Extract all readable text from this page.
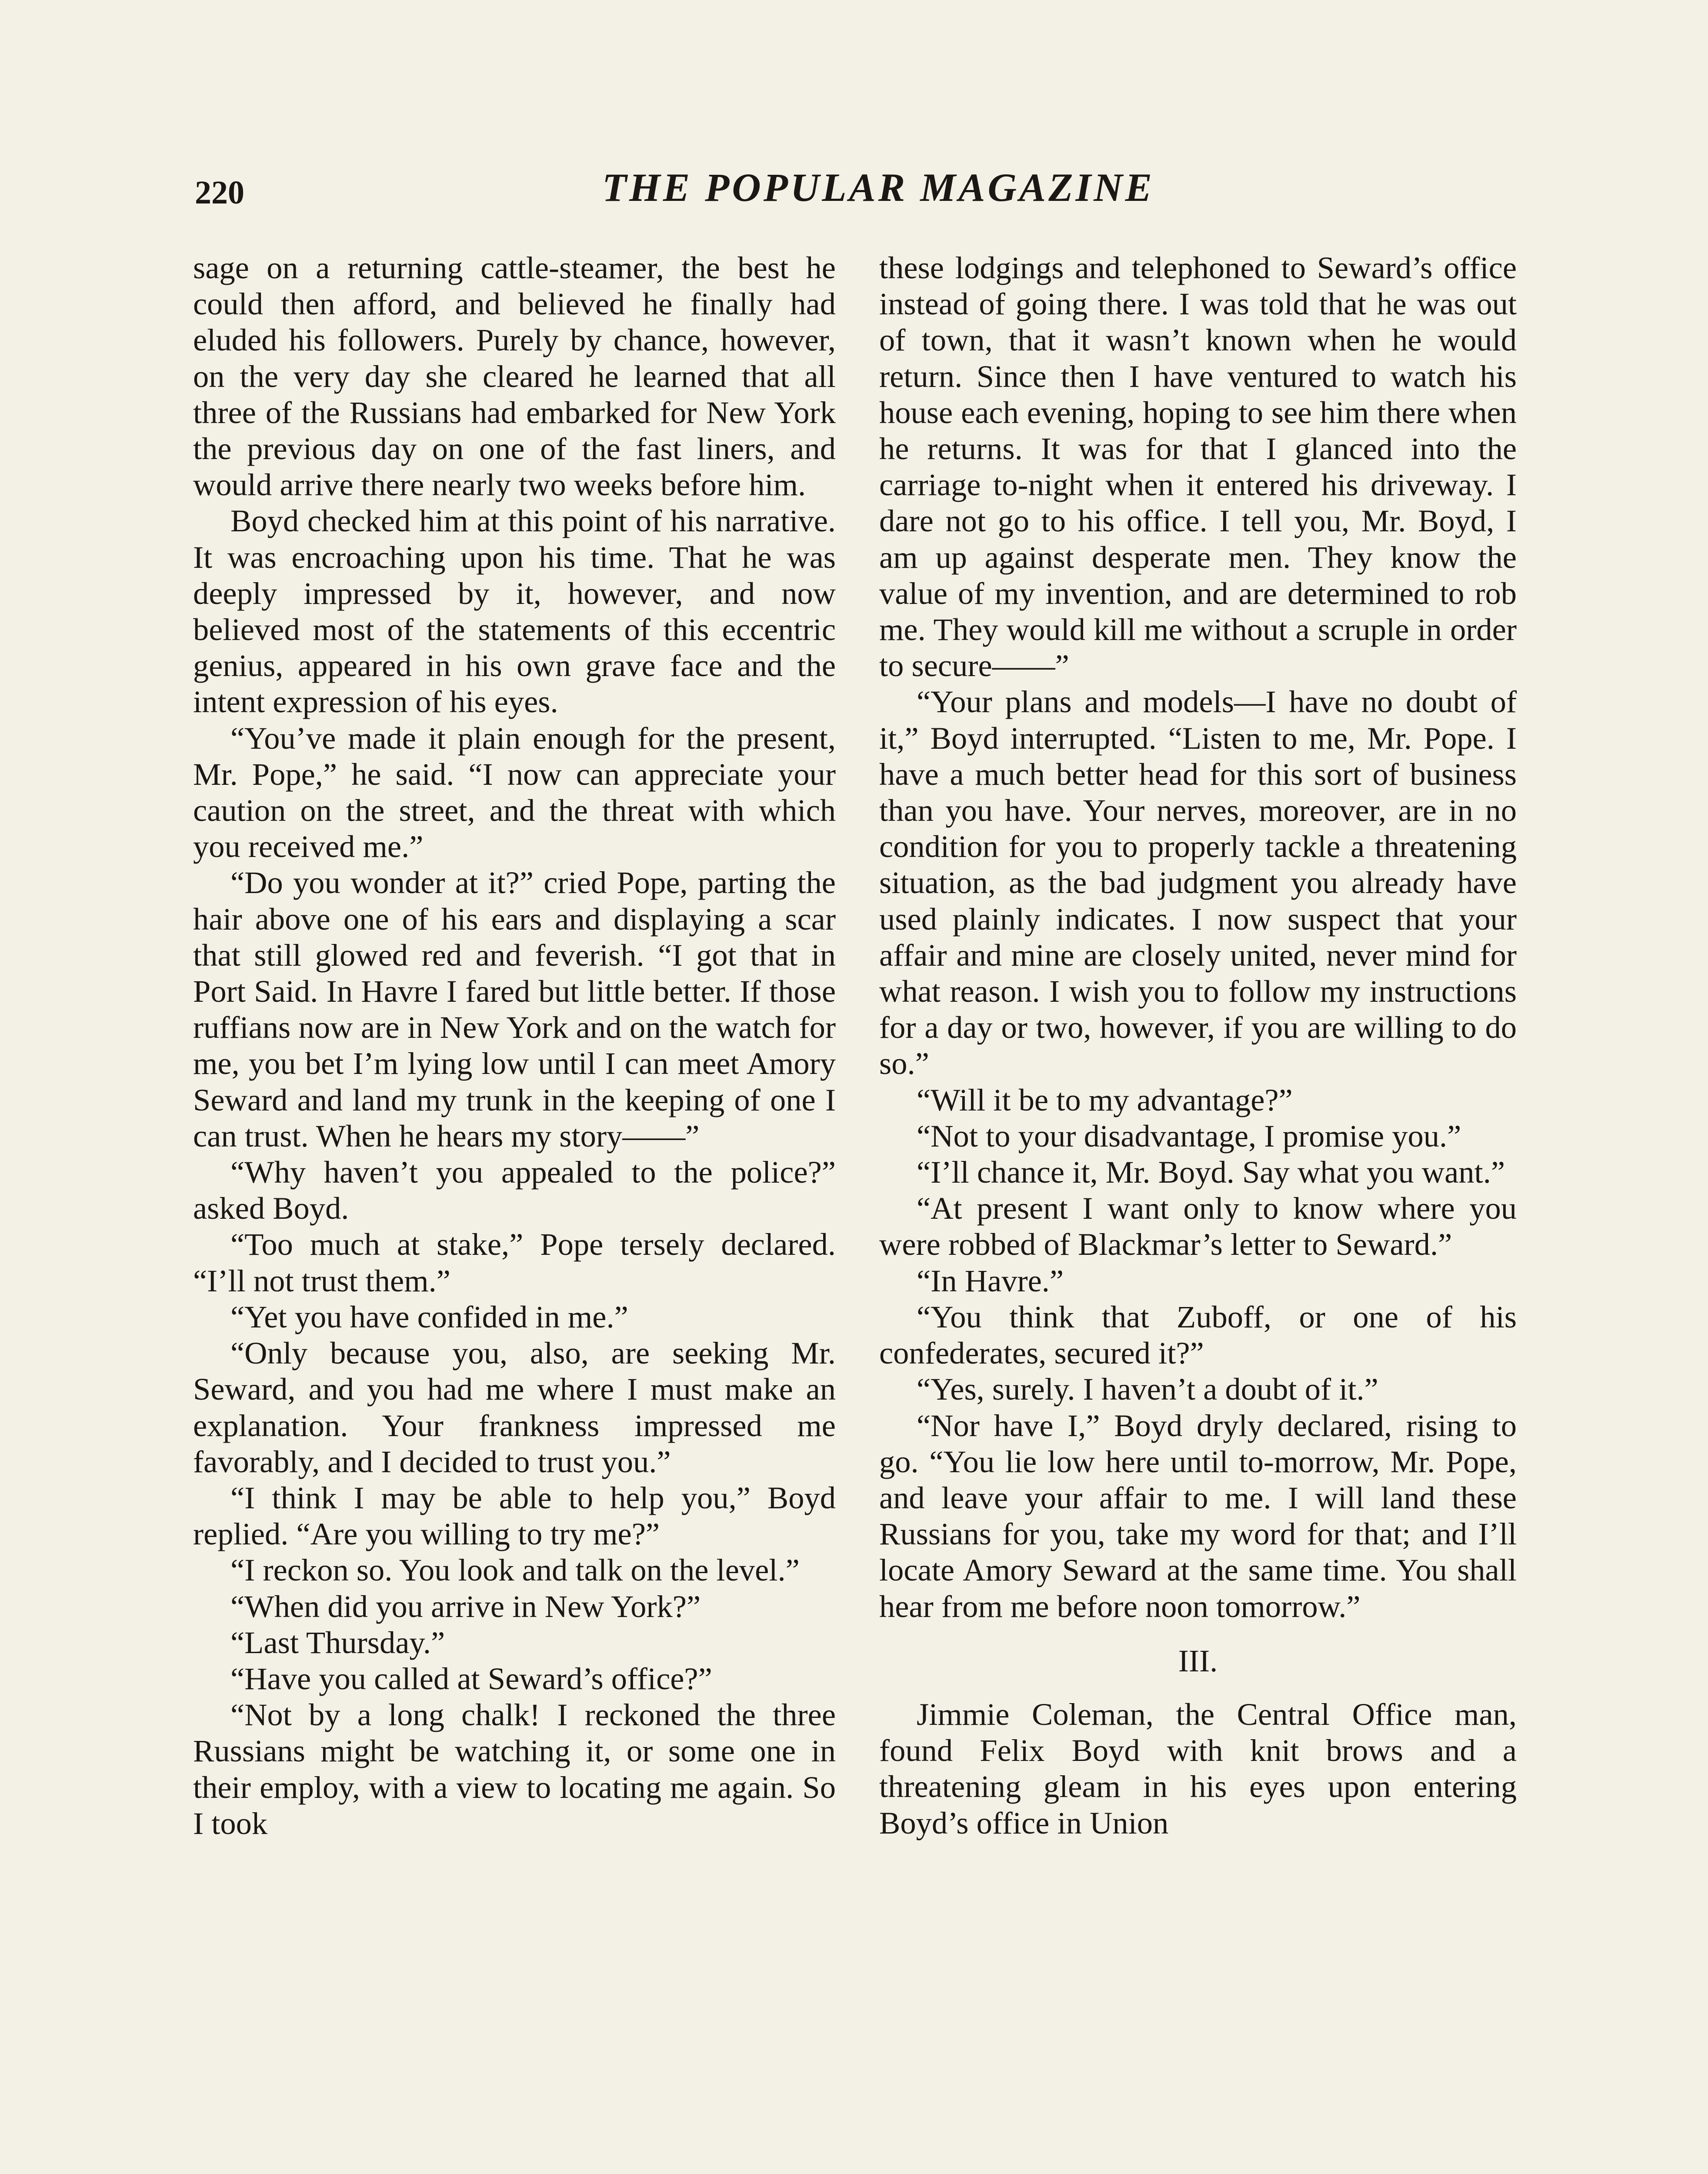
220	THE POPULAR MAGAZINE

sage on a returning cattle-steamer, the best he could then afford, and believed he finally had eluded his followers. Purely by chance, however, on the very day she cleared he learned that all three of the Russians had embarked for New York the previous day on one of the fast liners, and would arrive there nearly two weeks before him.

Boyd checked him at this point of his narrative. It was encroaching upon his time. That he was deeply impressed by it, however, and now believed most of the statements of this eccentric genius, appeared in his own grave face and the intent expression of his eyes.

“You’ve made it plain enough for the present, Mr. Pope,” he said. “I now can appreciate your caution on the street, and the threat with which you received me.”

“Do you wonder at it?” cried Pope, parting the hair above one of his ears and displaying a scar that still glowed red and feverish. “I got that in Port Said. In Havre I fared but little better. If those ruffians now are in New York and on the watch for me, you bet I’m lying low until I can meet Amory Seward and land my trunk in the keeping of one I can trust. When he hears my story——”

“Why haven’t you appealed to the police?” asked Boyd.

“Too much at stake,” Pope tersely declared. “I’ll not trust them.”

“Yet you have confided in me.”

“Only because you, also, are seeking Mr. Seward, and you had me where I must make an explanation. Your frankness impressed me favorably, and I decided to trust you.”

“I think I may be able to help you,” Boyd replied. “Are you willing to try me?”

“I reckon so. You look and talk on the level.”

“When did you arrive in New York?”

“Last Thursday.”

“Have you called at Seward’s office?”

“Not by a long chalk! I reckoned the three Russians might be watching it, or some one in their employ, with a view to locating me again. So I took

these lodgings and telephoned to Seward’s office instead of going there. I was told that he was out of town, that it wasn’t known when he would return. Since then I have ventured to watch his house each evening, hoping to see him there when he returns. It was for that I glanced into the carriage to-night when it entered his driveway. I dare not go to his office. I tell you, Mr. Boyd, I am up against desperate men. They know the value of my invention, and are determined to rob me. They would kill me without a scruple in order to secure——”

“Your plans and models—I have no doubt of it,” Boyd interrupted. “Listen to me, Mr. Pope. I have a much better head for this sort of business than you have. Your nerves, moreover, are in no condition for you to properly tackle a threatening situation, as the bad judgment you already have used plainly indicates. I now suspect that your affair and mine are closely united, never mind for what reason. I wish you to follow my instructions for a day or two, however, if you are willing to do so.”

“Will it be to my advantage?”

“Not to your disadvantage, I promise you.”

“I’ll chance it, Mr. Boyd. Say what you want.”

“At present I want only to know where you were robbed of Blackmar’s letter to Seward.”

“In Havre.”

“You think that Zuboff, or one of his confederates, secured it?”

“Yes, surely. I haven’t a doubt of it.”

“Nor have I,” Boyd dryly declared, rising to go. “You lie low here until to-morrow, Mr. Pope, and leave your affair to me. I will land these Russians for you, take my word for that; and I’ll locate Amory Seward at the same time. You shall hear from me before noon tomorrow.”

III.

Jimmie Coleman, the Central Office man, found Felix Boyd with knit brows and a threatening gleam in his eyes upon entering Boyd’s office in Union
